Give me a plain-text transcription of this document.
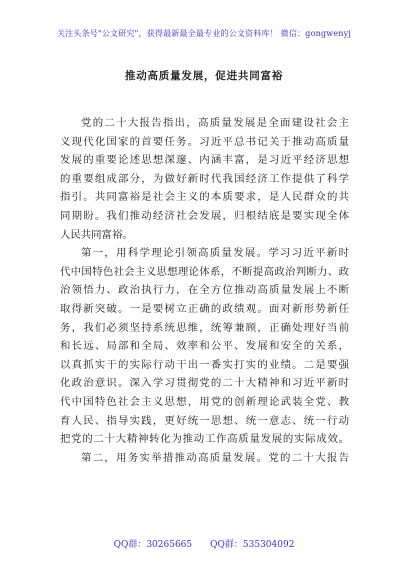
关注头条号"公文研究"，获得最新最全最专业的公文资料库！ 微信：gongwenyj
推动高质量发展，促进共同富裕
党的二十大报告指出，高质量发展是全面建设社会主
义现代化国家的首要任务。习近平总书记关于推动高质量
发展的重要论述思想深邃、内涵丰富，是习近平经济思想
的重要组成部分，为做好新时代我国经济工作提供了科学
指引。共同富裕是社会主义的本质要求，是人民群众的共
同期盼。我们推动经济社会发展，归根结底是要实现全体
人民共同富裕。
第一，用科学理论引领高质量发展。学习习近平新时
代中国特色社会主义思想理论体系，不断提高政治判断力、政
治领悟力、政治执行力，在全方位推动高质量发展上不断
取得新突破。一是要树立正确的政绩观。面对新形势新任
务，我们必须坚持系统思维，统筹兼顾，正确处理好当前
和长远、局部和全局、效率和公平、发展和安全的关系，
以真抓实干的实际行动干出一番实打实的业绩。二是要强
化政治意识。深入学习贯彻党的二十大精神和习近平新时
代中国特色社会主义思想，用党的创新理论武装全党、教
育人民、指导实践，更好统一思想、统一意志、统一行动
把党的二十大精神转化为推动工作高质量发展的实际成效。
第二，用务实举措推动高质量发展。党的二十大报告
QQ群：30265665 QQ群：535304092
